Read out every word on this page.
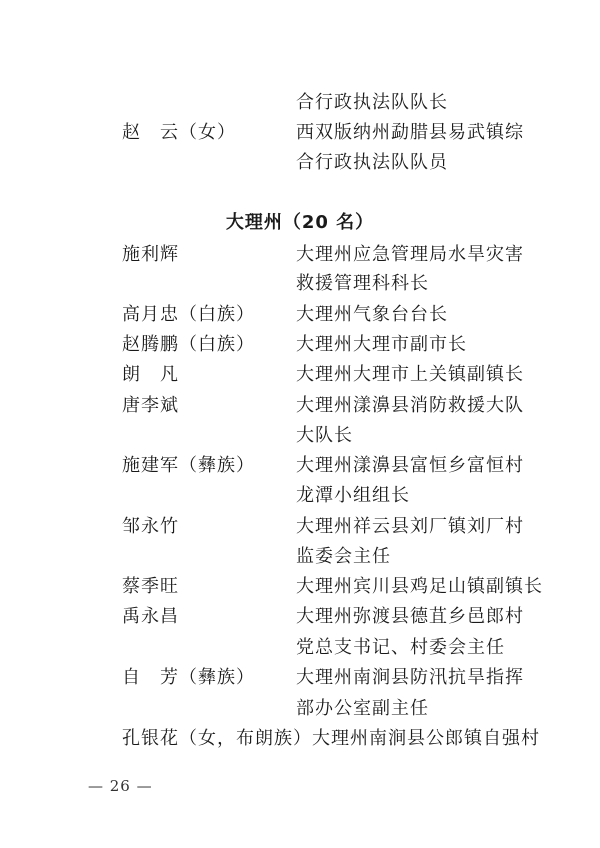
合行政执法队队长
赵　云（女）	西双版纳州勐腊县易武镇综
合行政执法队队员
大理州（20 名）
施利辉	大理州应急管理局水旱灾害
救援管理科科长
高月忠（白族） 大理州气象台台长
赵腾鹏（白族） 大理州大理市副市长
朗　凡	大理州大理市上关镇副镇长
唐李斌	大理州漾濞县消防救援大队
大队长
施建军（彝族） 大理州漾濞县富恒乡富恒村
龙潭小组组长
邹永竹	大理州祥云县刘厂镇刘厂村
监委会主任
蔡季旺	大理州宾川县鸡足山镇副镇长
禹永昌	大理州弥渡县德苴乡邑郎村
党总支书记、村委会主任
自　芳（彝族） 大理州南涧县防汛抗旱指挥
部办公室副主任
孔银花（女，布朗族）大理州南涧县公郎镇自强村
— 26 —
